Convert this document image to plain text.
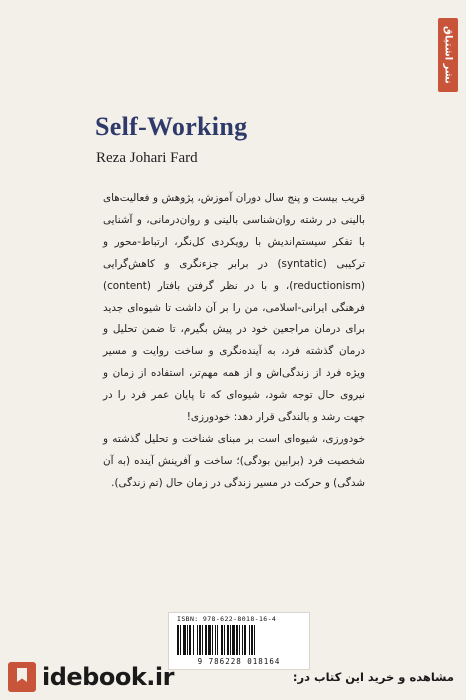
نشر اشتیاق
Self-Working

Reza Johari Fard

قریب بیست و پنج سال دوران آموزش، پژوهش و فعالیت‌های بالینی در رشته روان‌شناسی بالینی و روان‌درمانی، و آشنایی با تفکر سیستم‌اندیش با رویکردی کل‌نگر، ارتباط-محور و ترکیبی (syntatic) در برابر جزءنگری و کاهش‌گرایی (reductionism)، و با در نظر گرفتن بافتار (content) فرهنگی ایرانی-اسلامی، من را بر آن داشت تا شیوه‌ای جدید برای درمان مراجعین خود در پیش بگیرم، تا ضمن تحلیل و درمان گذشته فرد، به آینده‌نگری و ساخت روایت و مسیر ویژه فرد از زندگی‌اش و از همه مهم‌تر، استفاده از زمان و نیروی حال توجه شود، شیوه‌ای که تا پایان عمر فرد را در جهت رشد و بالندگی قرار دهد: خودورزی!

خودورزی، شیوه‌ای است بر مبنای شناخت و تحلیل گذشته و شخصیت فرد (برابین بودگی)؛ ساخت و آفرینش آینده (به آن شدگی) و حرکت در مسیر زندگی در زمان حال (تم زندگی).

ISBN: 978-622-8018-16-4

9 786228 018164

idebook.ir	مشاهده و خرید این کتاب در:
